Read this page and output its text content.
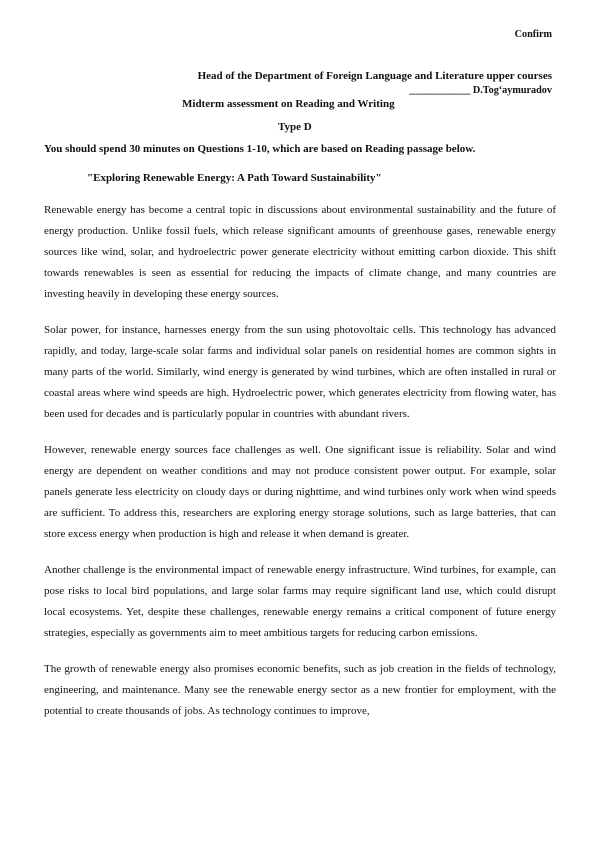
Confirm
Head of the Department of Foreign Language and Literature upper courses
____________ D.Tog‘aymuradov
Midterm assessment on Reading and Writing
Type D
You should spend 30 minutes on Questions 1-10, which are based on Reading passage below.
"Exploring Renewable Energy: A Path Toward Sustainability"

Renewable energy has become a central topic in discussions about environmental sustainability and the future of energy production. Unlike fossil fuels, which release significant amounts of greenhouse gases, renewable energy sources like wind, solar, and hydroelectric power generate electricity without emitting carbon dioxide. This shift towards renewables is seen as essential for reducing the impacts of climate change, and many countries are investing heavily in developing these energy sources.

Solar power, for instance, harnesses energy from the sun using photovoltaic cells. This technology has advanced rapidly, and today, large-scale solar farms and individual solar panels on residential homes are common sights in many parts of the world. Similarly, wind energy is generated by wind turbines, which are often installed in rural or coastal areas where wind speeds are high. Hydroelectric power, which generates electricity from flowing water, has been used for decades and is particularly popular in countries with abundant rivers.

However, renewable energy sources face challenges as well. One significant issue is reliability. Solar and wind energy are dependent on weather conditions and may not produce consistent power output. For example, solar panels generate less electricity on cloudy days or during nighttime, and wind turbines only work when wind speeds are sufficient. To address this, researchers are exploring energy storage solutions, such as large batteries, that can store excess energy when production is high and release it when demand is greater.

Another challenge is the environmental impact of renewable energy infrastructure. Wind turbines, for example, can pose risks to local bird populations, and large solar farms may require significant land use, which could disrupt local ecosystems. Yet, despite these challenges, renewable energy remains a critical component of future energy strategies, especially as governments aim to meet ambitious targets for reducing carbon emissions.

The growth of renewable energy also promises economic benefits, such as job creation in the fields of technology, engineering, and maintenance. Many see the renewable energy sector as a new frontier for employment, with the potential to create thousands of jobs. As technology continues to improve,
